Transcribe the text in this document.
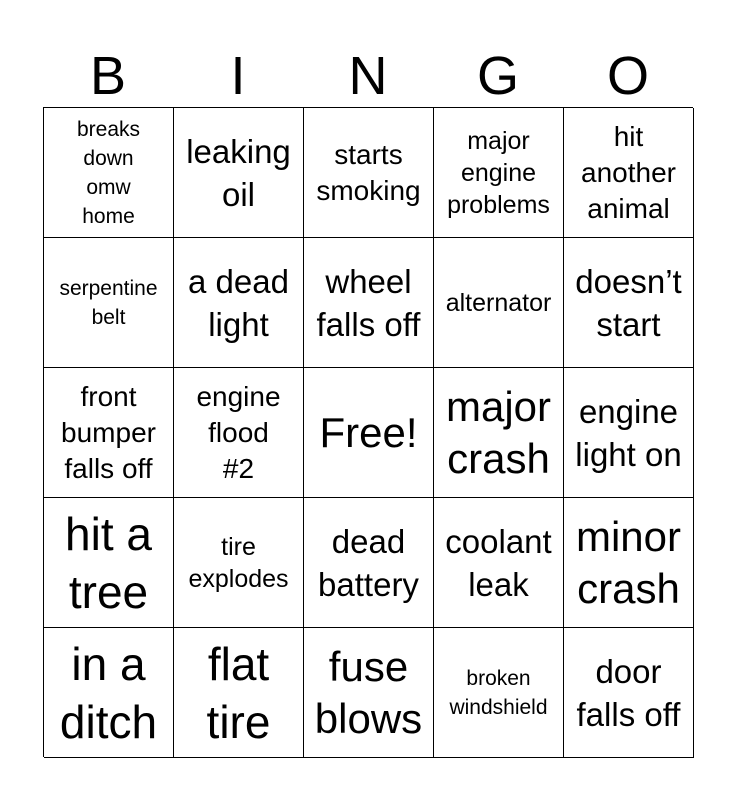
B	I	N	G	O
breaks
down
omw
home
leaking
oil
starts
smoking
major
engine
problems
hit
another
animal
serpentine
belt
a dead
light
wheel
falls off
alternator
doesn’t
start
front
bumper
falls off
engine
flood
#2
Free!
major
crash
engine
light on
hit a
tree
tire
explodes
dead
battery
coolant
leak
minor
crash
in a
ditch
flat
tire
fuse
blows
broken
windshield
door
falls off
